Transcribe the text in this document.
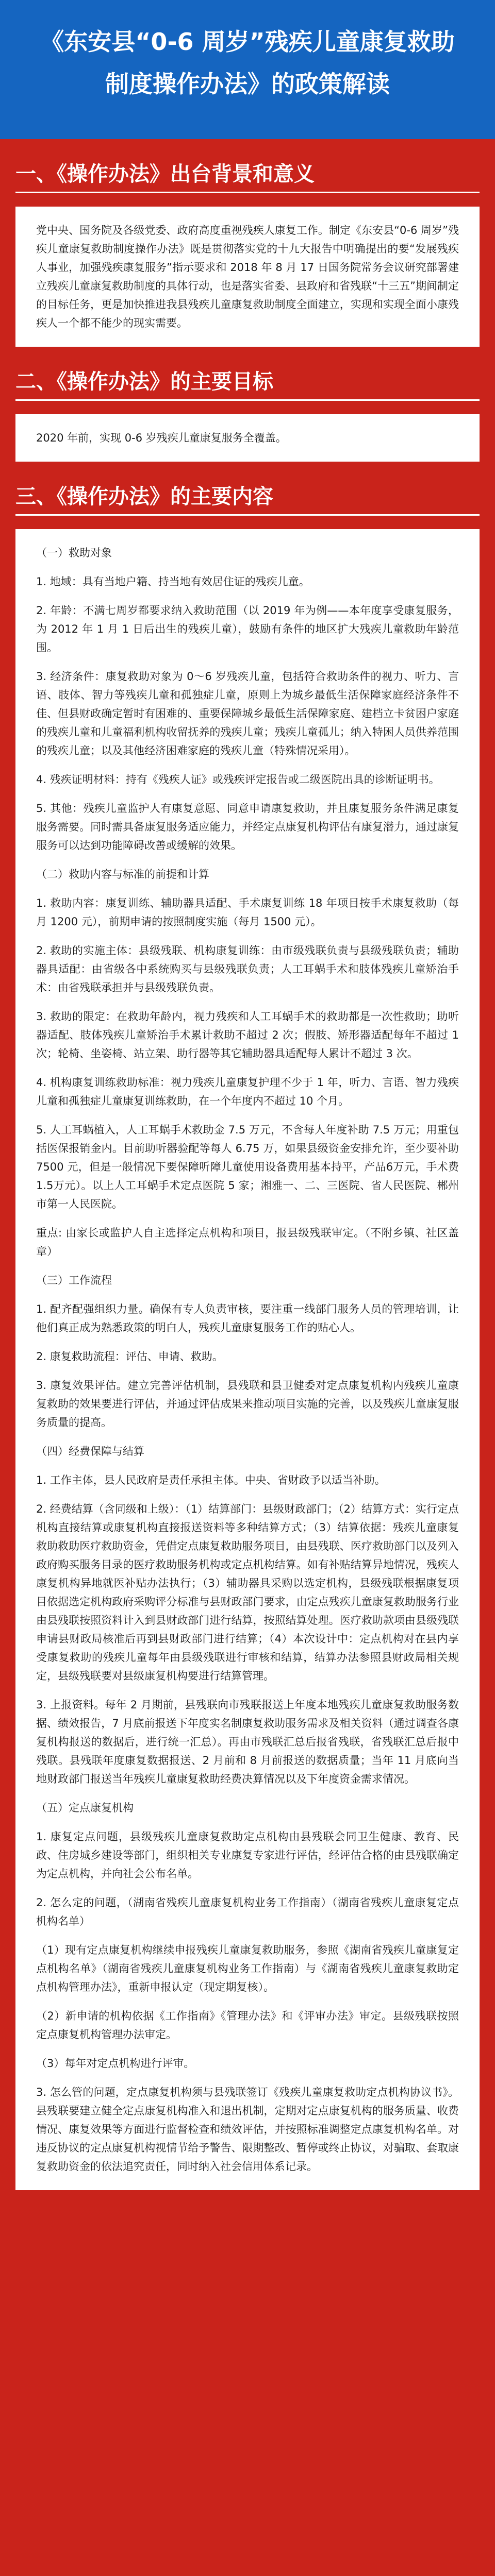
《东安县“0-6 周岁”残疾儿童康复救助制度操作办法》的政策解读
一、《操作办法》出台背景和意义

党中央、国务院及各级党委、政府高度重视残疾人康复工作。制定《东安县“0-6 周岁”残疾儿童康复救助制度操作办法》既是贯彻落实党的十九大报告中明确提出的要“发展残疾人事业，加强残疾康复服务”指示要求和 2018 年 8 月 17 日国务院常务会议研究部署建立残疾儿童康复救助制度的具体行动，也是落实省委、县政府和省残联“十三五”期间制定的目标任务，更是加快推进我县残疾儿童康复救助制度全面建立，实现和实现全面小康残疾人一个都不能少的现实需要。

二、《操作办法》的主要目标

2020 年前，实现 0-6 岁残疾儿童康复服务全覆盖。

三、《操作办法》的主要内容

（一）救助对象

1. 地域：具有当地户籍、持当地有效居住证的残疾儿童。

2. 年龄：不满七周岁都要求纳入救助范围（以 2019 年为例——本年度享受康复服务，为 2012 年 1 月 1 日后出生的残疾儿童），鼓励有条件的地区扩大残疾儿童救助年龄范围。

3. 经济条件：康复救助对象为 0～6 岁残疾儿童，包括符合救助条件的视力、听力、言语、肢体、智力等残疾儿童和孤独症儿童，原则上为城乡最低生活保障家庭经济条件不佳、但县财政确定暂时有困难的、重要保障城乡最低生活保障家庭、建档立卡贫困户家庭的残疾儿童和儿童福利机构收留抚养的残疾儿童；残疾儿童孤儿；纳入特困人员供养范围的残疾儿童；以及其他经济困难家庭的残疾儿童（特殊情况采用）。

4. 残疾证明材料：持有《残疾人证》或残疾评定报告或二级医院出具的诊断证明书。

5. 其他：残疾儿童监护人有康复意愿、同意申请康复救助，并且康复服务条件满足康复服务需要。同时需具备康复服务适应能力，并经定点康复机构评估有康复潜力，通过康复服务可以达到功能障碍改善或缓解的效果。

（二）救助内容与标准的前提和计算

1. 救助内容：康复训练、辅助器具适配、手术康复训练 18 年项目按手术康复救助（每月 1200 元），前期申请的按照制度实施（每月 1500 元）。

2. 救助的实施主体：县级残联、机构康复训练：由市级残联负责与县级残联负责；辅助器具适配：由省级各中系统购买与县级残联负责；人工耳蜗手术和肢体残疾儿童矫治手术：由省残联承担并与县级残联负责。

3. 救助的限定：在救助年龄内，视力残疾和人工耳蜗手术的救助都是一次性救助；助听器适配、肢体残疾儿童矫治手术累计救助不超过 2 次；假肢、矫形器适配每年不超过 1 次；轮椅、坐姿椅、站立架、助行器等其它辅助器具适配每人累计不超过 3 次。

4. 机构康复训练救助标准：视力残疾儿童康复护理不少于 1 年，听力、言语、智力残疾儿童和孤独症儿童康复训练救助，在一个年度内不超过 10 个月。

5. 人工耳蜗植入，人工耳蜗手术救助金 7.5 万元，不含每人年度补助 7.5 万元；用重包括医保报销金内。目前助听器验配等每人 6.75 万，如果县级资金安排允许，至少要补助 7500 元，但是一般情况下要保障听障儿童使用设备费用基本持平，产品6万元，手术费 1.5万元）。以上人工耳蜗手术定点医院 5 家；湘雅一、二、三医院、省人民医院、郴州市第一人民医院。

重点: 由家长或监护人自主选择定点机构和项目，报县级残联审定。（不附乡镇、社区盖章）

（三）工作流程

1. 配齐配强组织力量。确保有专人负责审核，要注重一线部门服务人员的管理培训，让他们真正成为熟悉政策的明白人，残疾儿童康复服务工作的贴心人。

2. 康复救助流程：评估、申请、救助。

3. 康复效果评估。建立完善评估机制，县残联和县卫健委对定点康复机构内残疾儿童康复救助的效果要进行评估，并通过评估成果来推动项目实施的完善，以及残疾儿童康复服务质量的提高。

（四）经费保障与结算

1. 工作主体，县人民政府是责任承担主体。中央、省财政予以适当补助。

2. 经费结算（含同级和上级）：（1）结算部门：县级财政部门；（2）结算方式：实行定点机构直接结算或康复机构直接报送资料等多种结算方式；（3）结算依据：残疾儿童康复救助救助医疗救助资金，凭借定点康复救助服务项目，由县残联、医疗救助部门以及列入政府购买服务目录的医疗救助服务机构或定点机构结算。如有补贴结算异地情况，残疾人康复机构异地就医补贴办法执行；（3）辅助器具采购以选定机构，县级残联根据康复项目依据选定机构政府采购评分标准与县财政部门要求，由定点残疾儿童康复救助服务行业由县残联按照资料计入到县财政部门进行结算，按照结算处理。医疗救助款项由县级残联申请县财政局核准后再到县财政部门进行结算；（4）本次设计中：定点机构对在县内享受康复救助的残疾儿童每年由县级残联进行审核和结算，结算办法参照县财政局相关规定，县级残联要对县级康复机构要进行结算管理。

3. 上报资料。每年 2 月期前，县残联向市残联报送上年度本地残疾儿童康复救助服务数据、绩效报告，7 月底前报送下年度实名制康复救助服务需求及相关资料（通过调查各康复机构报送的数据后，进行统一汇总）。再由市残联汇总后报省残联，省残联汇总后报中残联。县残联年度康复数据报送、2 月前和 8 月前报送的数据质量；当年 11 月底向当地财政部门报送当年残疾儿童康复救助经费决算情况以及下年度资金需求情况。

（五）定点康复机构

1. 康复定点问题，县级残疾儿童康复救助定点机构由县残联会同卫生健康、教育、民政、住房城乡建设等部门，组织相关专业康复专家进行评估，经评估合格的由县残联确定为定点机构，并向社会公布名单。

2. 怎么定的问题，（湖南省残疾儿童康复机构业务工作指南）（湖南省残疾儿童康复定点机构名单）

（1）现有定点康复机构继续申报残疾儿童康复救助服务，参照《湖南省残疾儿童康复定点机构名单》（湖南省残疾儿童康复机构业务工作指南）与《湖南省残疾儿童康复救助定点机构管理办法》，重新申报认定（现定期复核）。

（2）新申请的机构依据《工作指南》《管理办法》和《评审办法》审定。县级残联按照定点康复机构管理办法审定。

（3）每年对定点机构进行评审。

3. 怎么管的问题，定点康复机构须与县残联签订《残疾儿童康复救助定点机构协议书》。县残联要建立健全定点康复机构准入和退出机制，定期对定点康复机构的服务质量、收费情况、康复效果等方面进行监督检查和绩效评估，并按照标准调整定点康复机构名单。对违反协议的定点康复机构视情节给予警告、限期整改、暂停或终止协议，对骗取、套取康复救助资金的依法追究责任，同时纳入社会信用体系记录。
